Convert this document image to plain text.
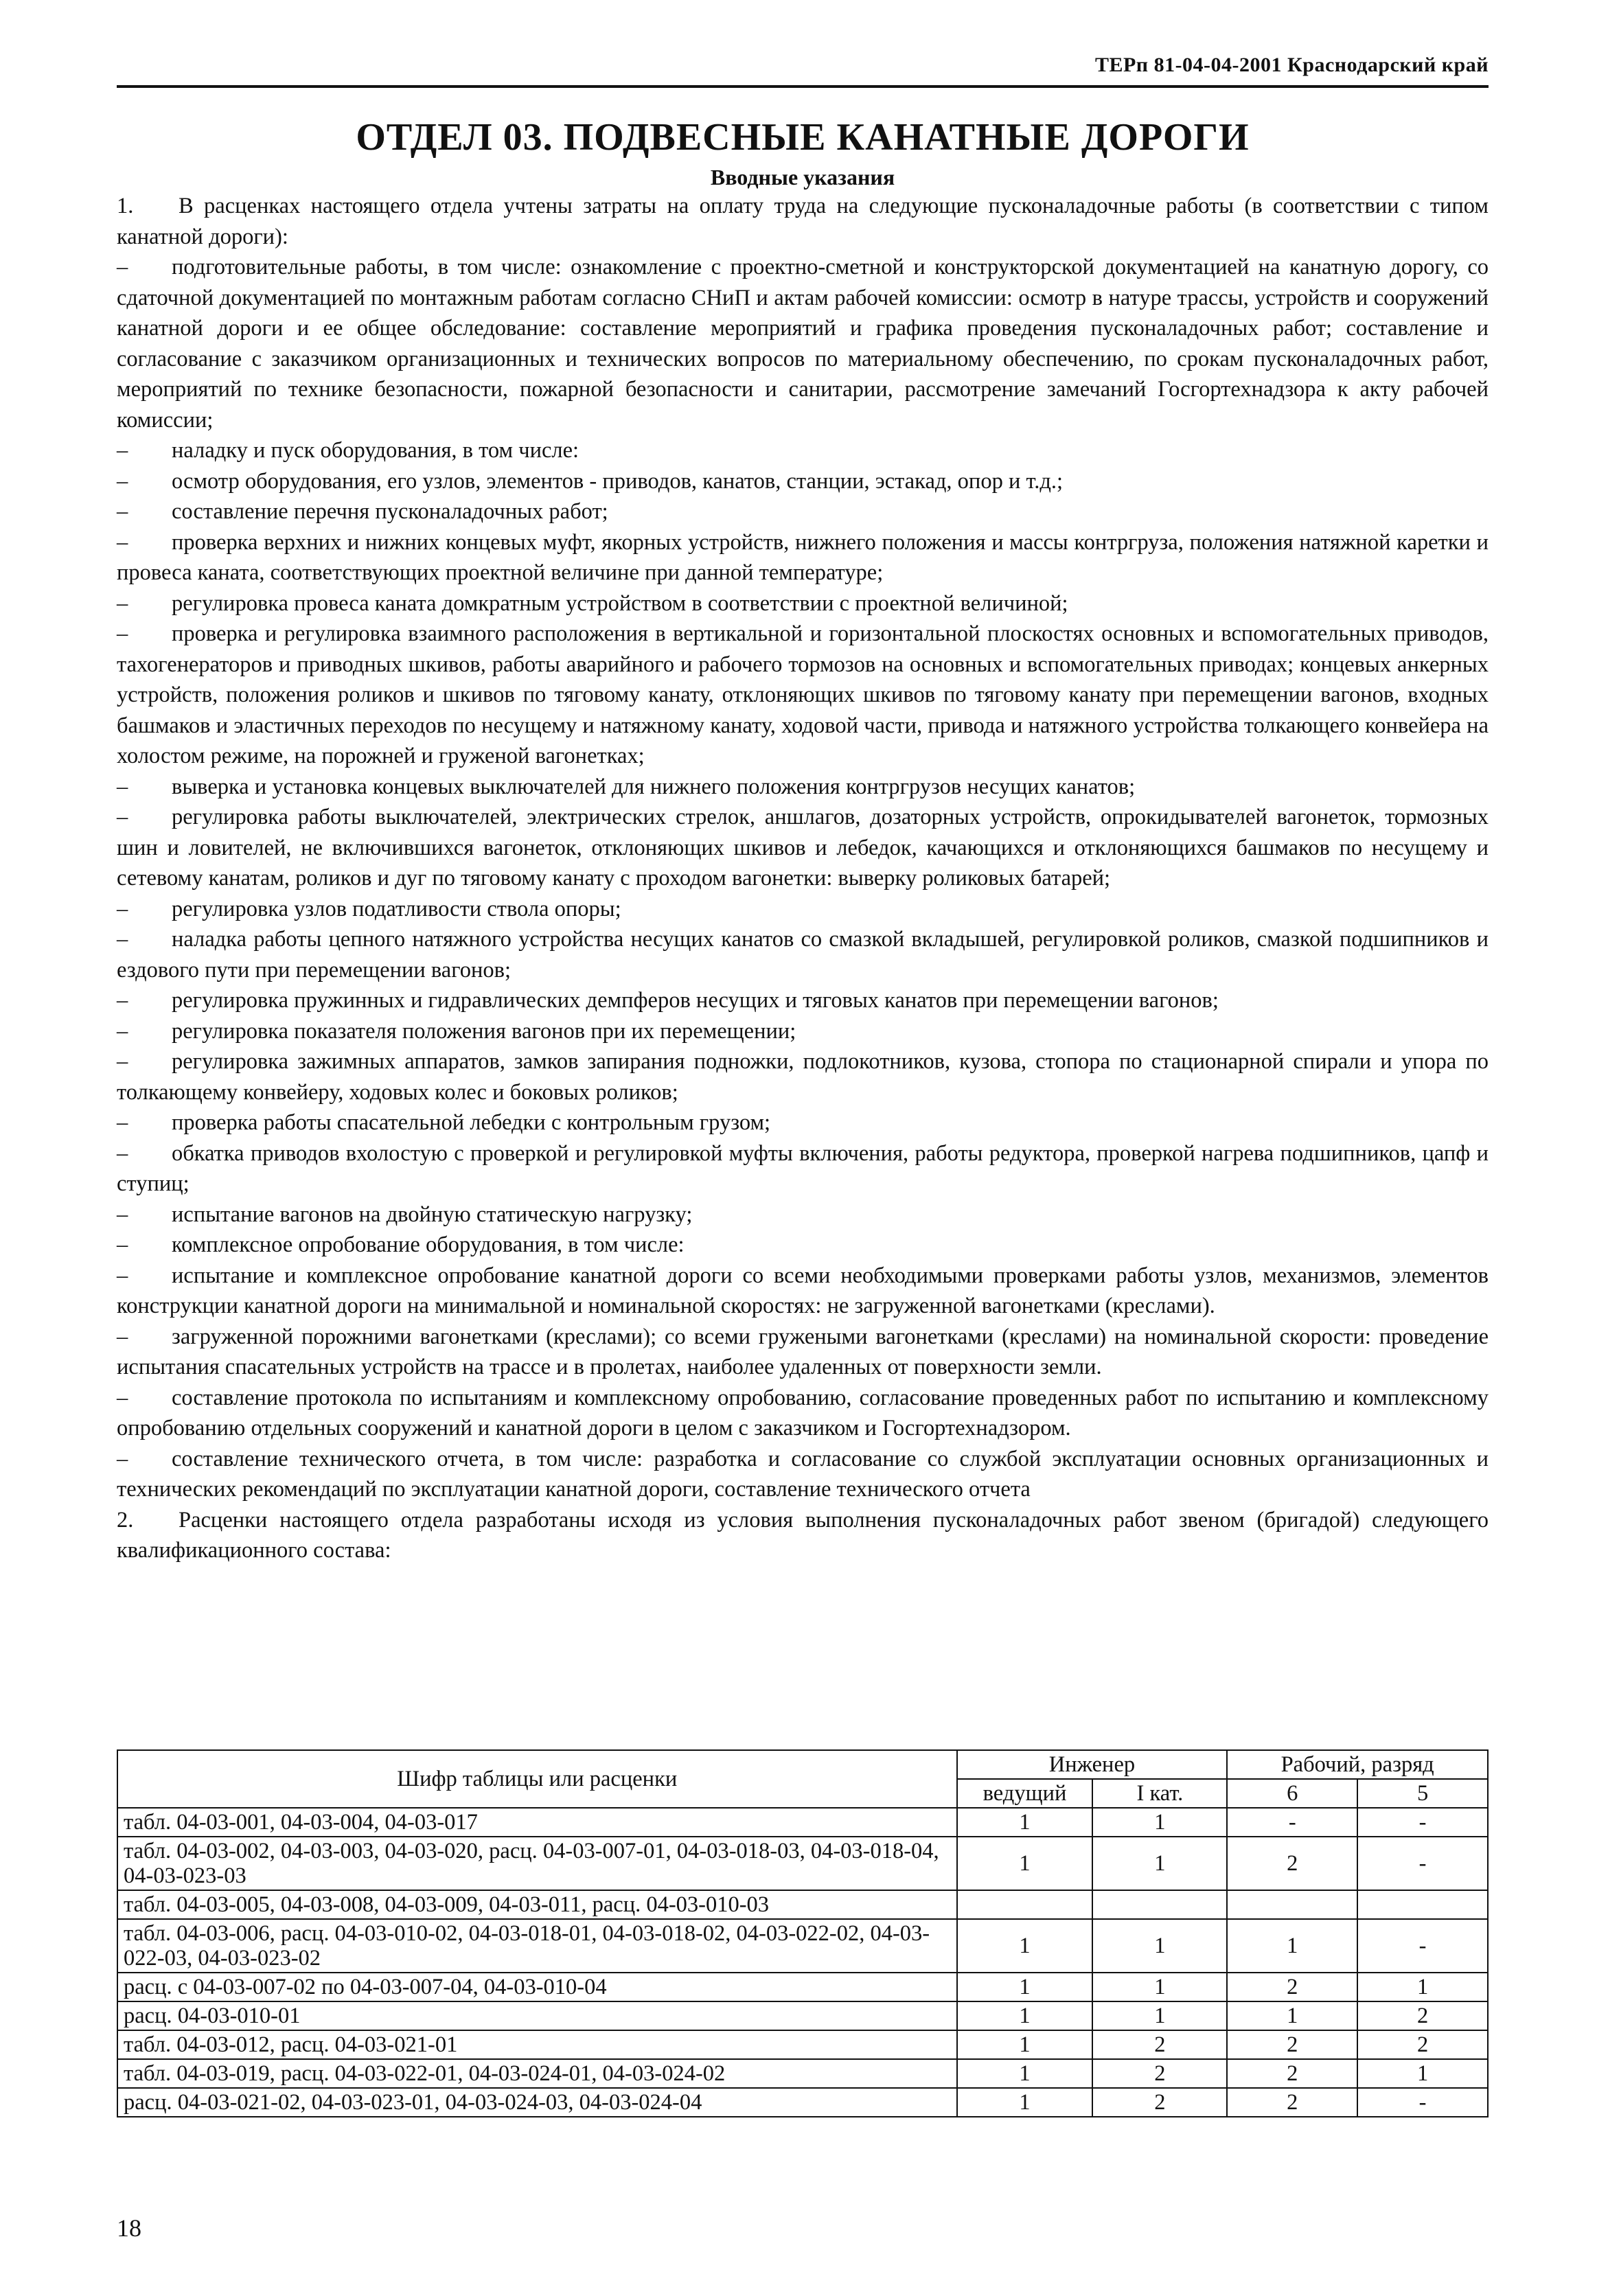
ТЕРп 81-04-04-2001 Краснодарский край
ОТДЕЛ 03. ПОДВЕСНЫЕ КАНАТНЫЕ ДОРОГИ
Вводные указания

1. В расценках настоящего отдела учтены затраты на оплату труда на следующие пусконаладочные работы (в соответствии с типом канатной дороги):

– подготовительные работы, в том числе: ознакомление с проектно-сметной и конструкторской документацией на канатную дорогу, со сдаточной документацией по монтажным работам согласно СНиП и актам рабочей комиссии: осмотр в натуре трассы, устройств и сооружений канатной дороги и ее общее обследование: составление мероприятий и графика проведения пусконаладочных работ; составление и согласование с заказчиком организационных и технических вопросов по материальному обеспечению, по срокам пусконаладочных работ, мероприятий по технике безопасности, пожарной безопасности и санитарии, рассмотрение замечаний Госгортехнадзора к акту рабочей комиссии;

– наладку и пуск оборудования, в том числе:

– осмотр оборудования, его узлов, элементов - приводов, канатов, станции, эстакад, опор и т.д.;

– составление перечня пусконаладочных работ;

– проверка верхних и нижних концевых муфт, якорных устройств, нижнего положения и массы контргруза, положения натяжной каретки и провеса каната, соответствующих проектной величине при данной температуре;

– регулировка провеса каната домкратным устройством в соответствии с проектной величиной;

– проверка и регулировка взаимного расположения в вертикальной и горизонтальной плоскостях основных и вспомогательных приводов, тахогенераторов и приводных шкивов, работы аварийного и рабочего тормозов на основных и вспомогательных приводах; концевых анкерных устройств, положения роликов и шкивов по тяговому канату, отклоняющих шкивов по тяговому канату при перемещении вагонов, входных башмаков и эластичных переходов по несущему и натяжному канату, ходовой части, привода и натяжного устройства толкающего конвейера на холостом режиме, на порожней и груженой вагонетках;

– выверка и установка концевых выключателей для нижнего положения контргрузов несущих канатов;

– регулировка работы выключателей, электрических стрелок, аншлагов, дозаторных устройств, опрокидывателей вагонеток, тормозных шин и ловителей, не включившихся вагонеток, отклоняющих шкивов и лебедок, качающихся и отклоняющихся башмаков по несущему и сетевому канатам, роликов и дуг по тяговому канату с проходом вагонетки: выверку роликовых батарей;

– регулировка узлов податливости ствола опоры;

– наладка работы цепного натяжного устройства несущих канатов со смазкой вкладышей, регулировкой роликов, смазкой подшипников и ездового пути при перемещении вагонов;

– регулировка пружинных и гидравлических демпферов несущих и тяговых канатов при перемещении вагонов;

– регулировка показателя положения вагонов при их перемещении;

– регулировка зажимных аппаратов, замков запирания подножки, подлокотников, кузова, стопора по стационарной спирали и упора по толкающему конвейеру, ходовых колес и боковых роликов;

– проверка работы спасательной лебедки с контрольным грузом;

– обкатка приводов вхолостую с проверкой и регулировкой муфты включения, работы редуктора, проверкой нагрева подшипников, цапф и ступиц;

– испытание вагонов на двойную статическую нагрузку;

– комплексное опробование оборудования, в том числе:

– испытание и комплексное опробование канатной дороги со всеми необходимыми проверками работы узлов, механизмов, элементов конструкции канатной дороги на минимальной и номинальной скоростях: не загруженной вагонетками (креслами).

– загруженной порожними вагонетками (креслами); со всеми гружеными вагонетками (креслами) на номинальной скорости: проведение испытания спасательных устройств на трассе и в пролетах, наиболее удаленных от поверхности земли.

– составление протокола по испытаниям и комплексному опробованию, согласование проведенных работ по испытанию и комплексному опробованию отдельных сооружений и канатной дороги в целом с заказчиком и Госгортехнадзором.

– составление технического отчета, в том числе: разработка и согласование со службой эксплуатации основных организационных и технических рекомендаций по эксплуатации канатной дороги, составление технического отчета

2. Расценки настоящего отдела разработаны исходя из условия выполнения пусконаладочных работ звеном (бригадой) следующего квалификационного состава:

Шифр таблицы или расценки	Инженер		Рабочий, разряд	
	ведущий	I кат.	6	5
табл. 04-03-001, 04-03-004, 04-03-017	1	1	-	-
табл. 04-03-002, 04-03-003, 04-03-020, расц. 04-03-007-01, 04-03-018-03, 04-03-018-04, 04-03-023-03	1	1	2	-
табл. 04-03-005, 04-03-008, 04-03-009, 04-03-011, расц. 04-03-010-03				
табл. 04-03-006, расц. 04-03-010-02, 04-03-018-01, 04-03-018-02, 04-03-022-02, 04-03-022-03, 04-03-023-02	1	1	1	-
расц. с 04-03-007-02 по 04-03-007-04, 04-03-010-04	1	1	2	1
расц. 04-03-010-01	1	1	1	2
табл. 04-03-012, расц. 04-03-021-01	1	2	2	2
табл. 04-03-019, расц. 04-03-022-01, 04-03-024-01, 04-03-024-02	1	2	2	1
расц. 04-03-021-02, 04-03-023-01, 04-03-024-03, 04-03-024-04	1	2	2	-
18
